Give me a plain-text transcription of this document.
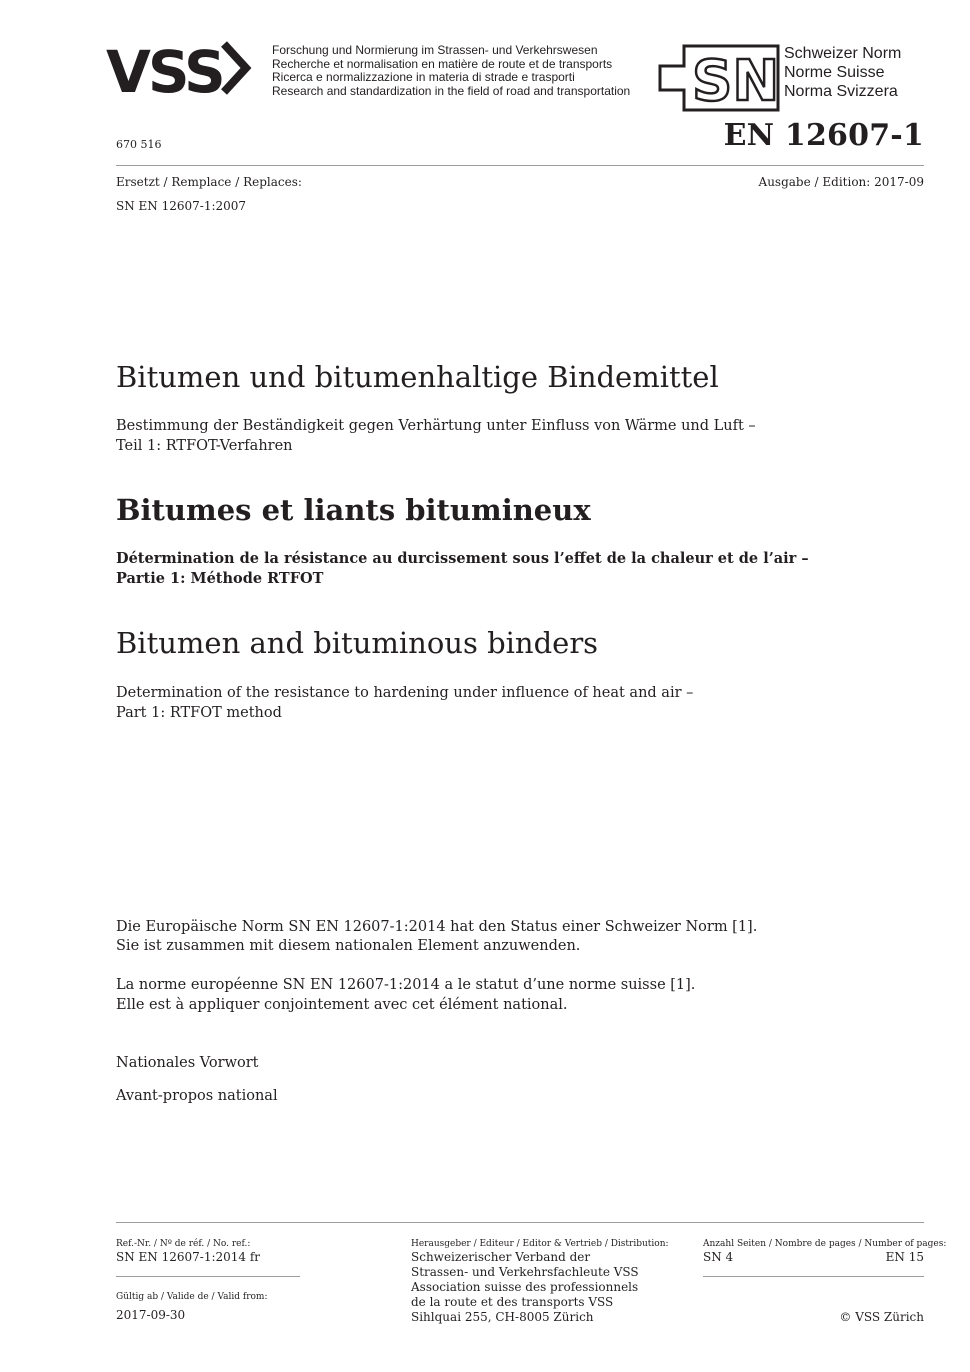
VSS	Forschung und Normierung im Strassen- und Verkehrswesen
Recherche et normalisation en matière de route et de transports
Ricerca e normalizzazione in materia di strade e trasporti
Research and standardization in the field of road and transportation SN Schweizer Norm
Norme Suisse
Norma Svizzera
670 516	EN 12607-1
Ersetzt / Remplace / Replaces:
SN EN 12607-1:2007
Ausgabe / Edition: 2017-09
Bitumen und bitumenhaltige Bindemittel
Bestimmung der Beständigkeit gegen Verhärtung unter Einfluss von Wärme und Luft –
Teil 1: RTFOT-Verfahren
Bitumes et liants bitumineux
Détermination de la résistance au durcissement sous l’effet de la chaleur et de l’air –
Partie 1: Méthode RTFOT
Bitumen and bituminous binders
Determination of the resistance to hardening under influence of heat and air –
Part 1: RTFOT method
Die Europäische Norm SN EN 12607-1:2014 hat den Status einer Schweizer Norm [1].
Sie ist zusammen mit diesem nationalen Element anzuwenden.
La norme européenne SN EN 12607-1:2014 a le statut d’une norme suisse [1].
Elle est à appliquer conjointement avec cet élément national.
Nationales Vorwort
Avant-propos national
Ref.-Nr. / Nº de réf. / No. ref.:
SN EN 12607-1:2014 fr
Gültig ab / Valide de / Valid from:
2017-09-30
Herausgeber / Editeur / Editor & Vertrieb / Distribution:
Schweizerischer Verband der
Strassen- und Verkehrsfachleute VSS
Association suisse des professionnels
de la route et des transports VSS
Sihlquai 255, CH-8005 Zürich
Anzahl Seiten / Nombre de pages / Number of pages:
SN 4	EN 15
© VSS Zürich
